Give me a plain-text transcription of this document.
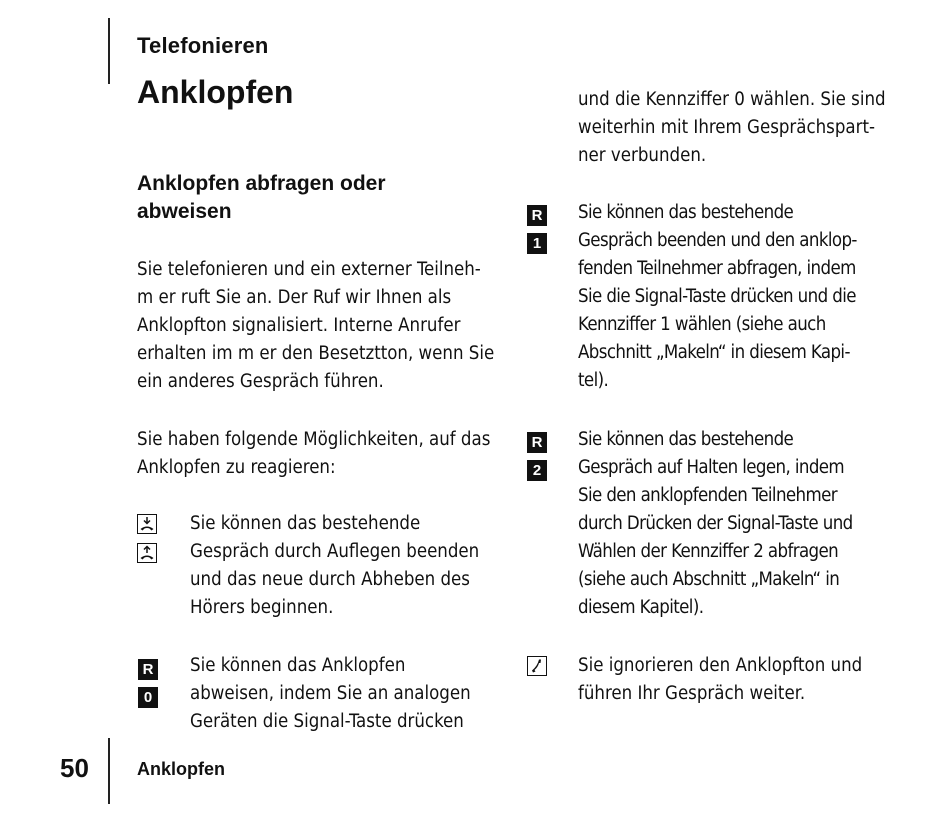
Telefonieren
Anklopfen
Anklopfen abfragen oder
abweisen
Sie telefonieren und ein externer Teilneh-
m er ruft Sie an. Der Ruf wir Ihnen als
Anklopfton signalisiert. Interne Anrufer
erhalten im m er den Besetztton, wenn Sie
ein anderes Gespräch führen.
Sie haben folgende Möglichkeiten, auf das
Anklopfen zu reagieren:
Sie können das bestehende
Gespräch durch Auflegen beenden
und das neue durch Abheben des
Hörers beginnen.
R
0
Sie können das Anklopfen
abweisen, indem Sie an analogen
Geräten die Signal-Taste drücken
und die Kennziffer 0 wählen. Sie sind
weiterhin mit Ihrem Gesprächspart-
ner verbunden.
R
1
Sie können das bestehende
Gespräch beenden und den anklop-
fenden Teilnehmer abfragen, indem
Sie die Signal-Taste drücken und die
Kennziffer 1 wählen (siehe auch
Abschnitt „Makeln“ in diesem Kapi-
tel).
R
2
Sie können das bestehende
Gespräch auf Halten legen, indem
Sie den anklopfenden Teilnehmer
durch Drücken der Signal-Taste und
Wählen der Kennziffer 2 abfragen
(siehe auch Abschnitt „Makeln“ in
diesem Kapitel).
Sie ignorieren den Anklopfton und
führen Ihr Gespräch weiter.
50	Anklopfen
